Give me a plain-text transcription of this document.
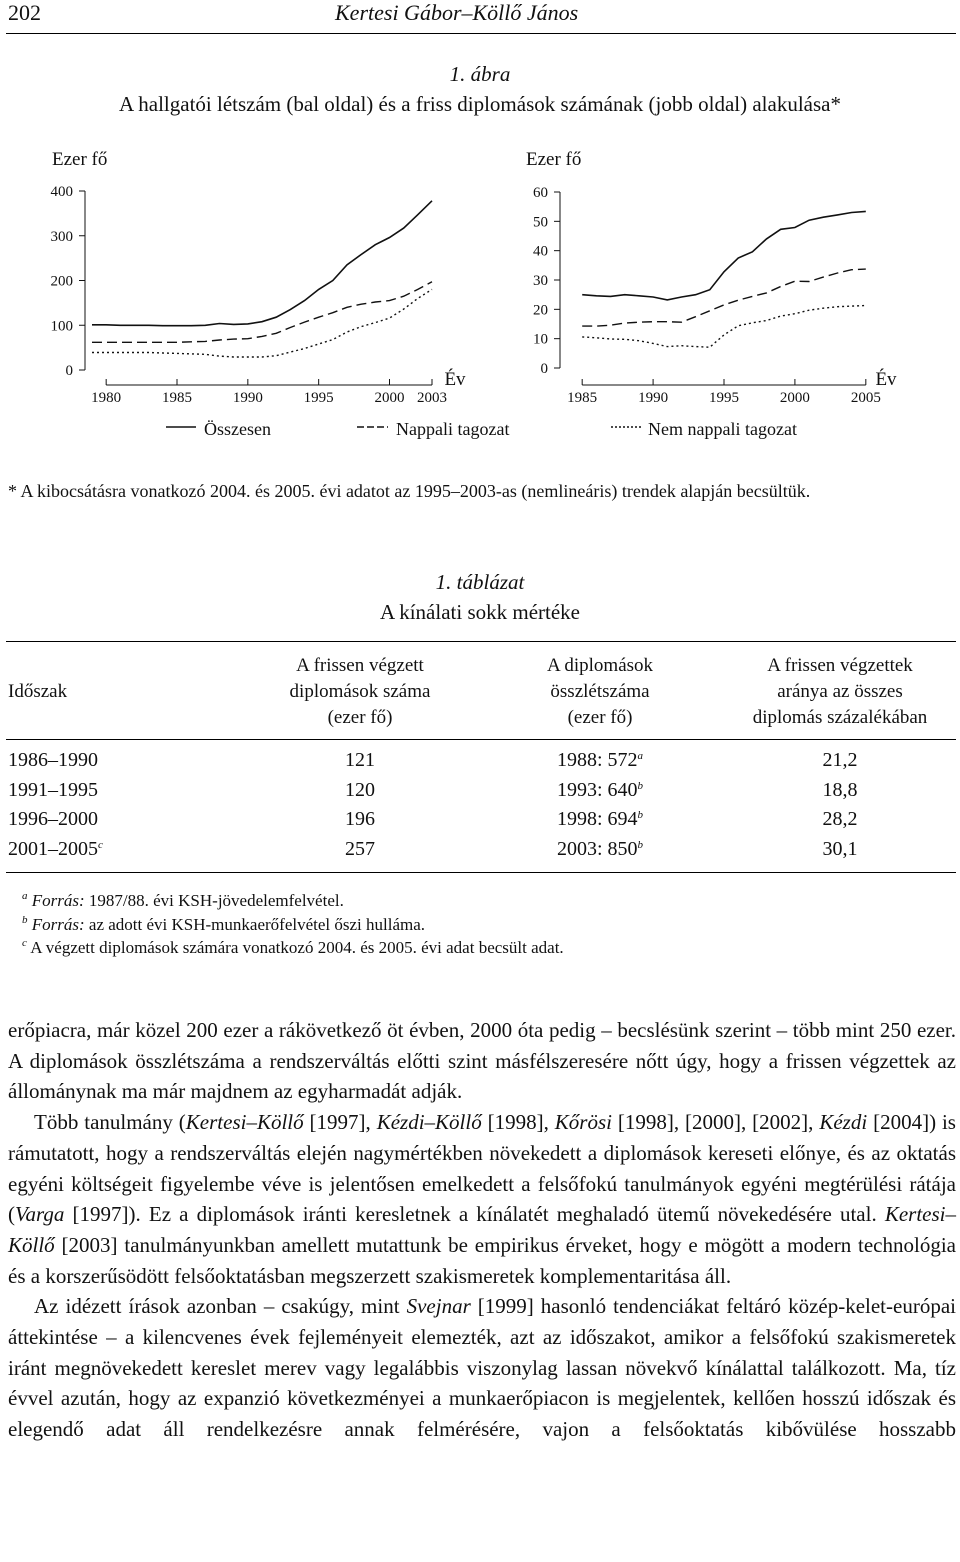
202	Kertesi Gábor–Köllő János
1. ábra
A hallgatói létszám (bal oldal) és a friss diplomások számának (jobb oldal) alakulása*
Ezer fő
0
100
200
300
400
1980	1985	1990	1995	2000 2003
Év
Ezer fő
0
10
20
30
40
50
60
1985	1990	1995	2000	2005
Év
Összesen	Nappali tagozat	Nem nappali tagozat
* A kibocsátásra vonatkozó 2004. és 2005. évi adatot az 1995–2003-as (nemlineáris) trendek alapján becsültük.
1. táblázat
A kínálati sokk mértéke
Időszak
A frissen végzett
diplomások száma
(ezer fő)
A diplomások
összlétszáma
(ezer fő)
A frissen végzettek
aránya az összes
diplomás százalékában
1986–1990	121	1988: 572$^a$	21,2
1991–1995	120	1993: 640$^b$	18,8
1996–2000	196	1998: 694$^b$	28,2
2001–2005$^c$	257	2003: 850$^b$	30,1
$^a$ Forrás: 1987/88. évi KSH-jövedelemfelvétel.
$^b$ Forrás: az adott évi KSH-munkaerőfelvétel őszi hulláma.
$^c$ A végzett diplomások számára vonatkozó 2004. és 2005. évi adat becsült adat.

erőpiacra, már közel 200 ezer a rákövetkező öt évben, 2000 óta pedig – becslésünk szerint – több mint 250 ezer. A diplomások összlétszáma a rendszerváltás előtti szint másfélszeresére nőtt úgy, hogy a frissen végzettek az állománynak ma már majdnem az egyharmadát adják.

Több tanulmány (Kertesi–Köllő [1997], Kézdi–Köllő [1998], Kőrösi [1998], [2000], [2002], Kézdi [2004]) is rámutatott, hogy a rendszerváltás elején nagymértékben növekedett a diplomások kereseti előnye, és az oktatás egyéni költségeit figyelembe véve is jelentősen emelkedett a felsőfokú tanulmányok egyéni megtérülési rátája (Varga [1997]). Ez a diplomások iránti keresletnek a kínálatét meghaladó ütemű növekedésére utal. Kertesi–Köllő [2003] tanulmányunkban amellett mutattunk be empirikus érveket, hogy e mögött a modern technológia és a korszerűsödött felsőoktatásban megszerzett szakismeretek komplementaritása áll.

Az idézett írások azonban – csakúgy, mint Svejnar [1999] hasonló tendenciákat feltáró közép-kelet-európai áttekintése – a kilencvenes évek fejleményeit elemezték, azt az időszakot, amikor a felsőfokú szakismeretek iránt megnövekedett kereslet merev vagy legalábbis viszonylag lassan növekvő kínálattal találkozott. Ma, tíz évvel azután, hogy az expanzió következményei a munkaerőpiacon is megjelentek, kellően hosszú időszak és elegendő adat áll rendelkezésre annak felmérésére, vajon a felsőoktatás kibővülése hosszabb
